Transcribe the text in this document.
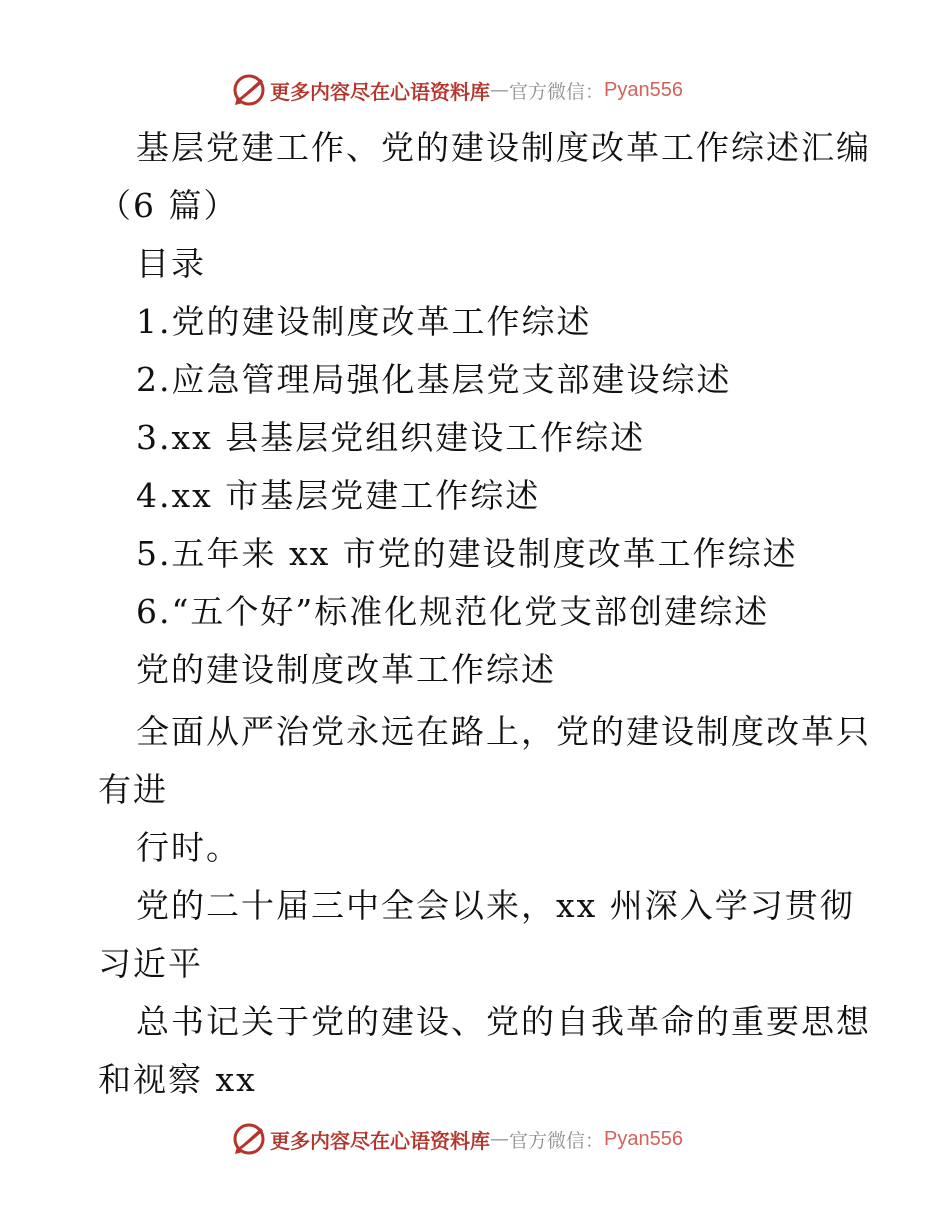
更多内容尽在心语资料库 — 官方微信： Pyan556
基层党建工作、党的建设制度改革工作综述汇编
（6 篇）
目录
1.党的建设制度改革工作综述
2.应急管理局强化基层党支部建设综述
3.xx 县基层党组织建设工作综述
4.xx 市基层党建工作综述
5.五年来 xx 市党的建设制度改革工作综述
6.“五个好”标准化规范化党支部创建综述
党的建设制度改革工作综述
全面从严治党永远在路上，党的建设制度改革只
有进
行时。
党的二十届三中全会以来，xx 州深入学习贯彻
习近平
总书记关于党的建设、党的自我革命的重要思想
和视察 xx
更多内容尽在心语资料库 — 官方微信： Pyan556
